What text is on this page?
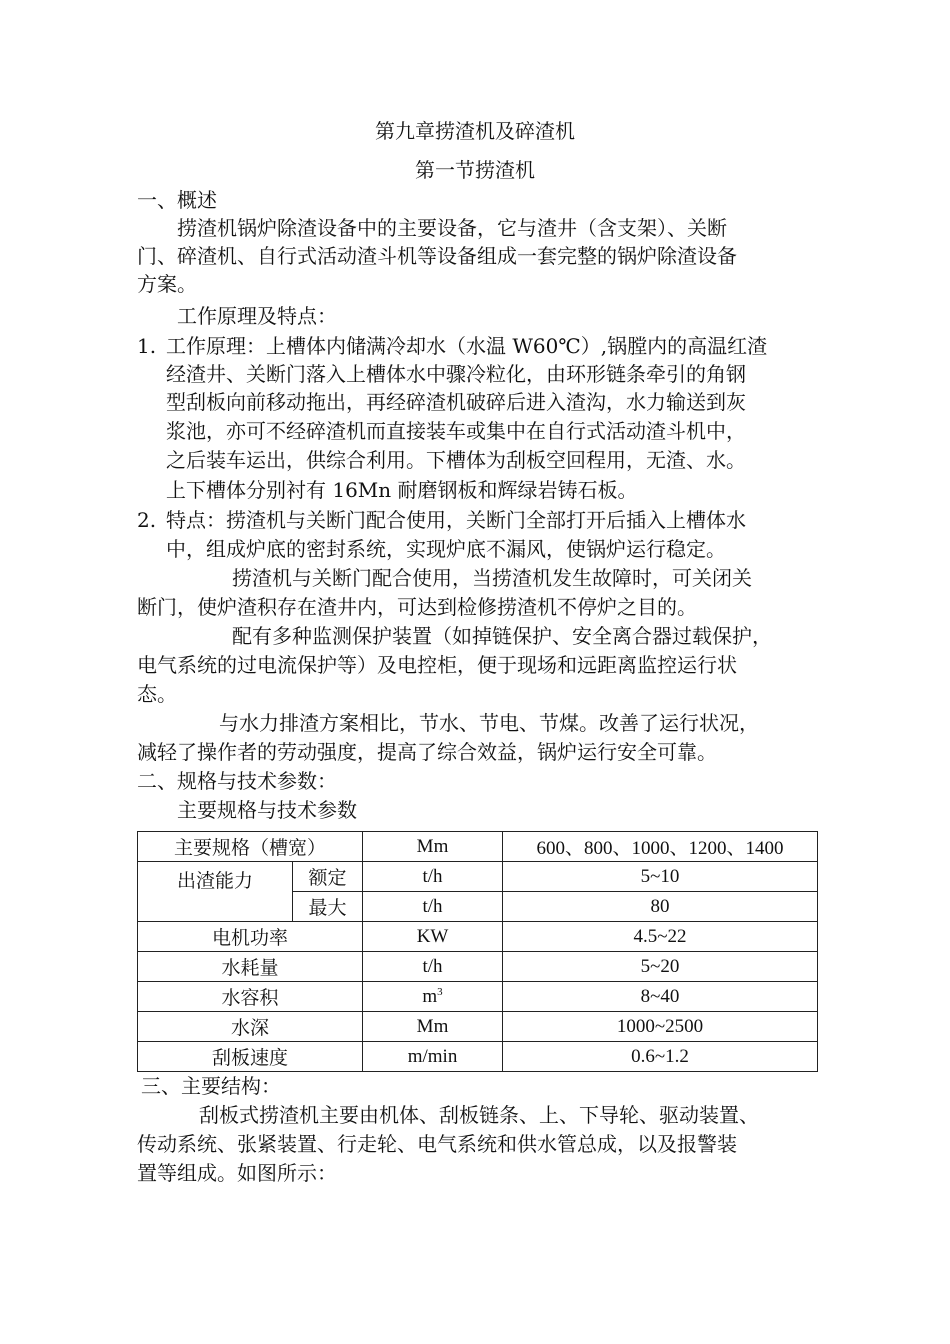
第九章捞渣机及碎渣机
第一节捞渣机
一、概述
捞渣机锅炉除渣设备中的主要设备，它与渣井（含支架）、关断
门、碎渣机、自行式活动渣斗机等设备组成一套完整的锅炉除渣设备
方案。
工作原理及特点：
1. 工作原理：上槽体内储满冷却水（水温 W60℃）,锅膛内的高温红渣
经渣井、关断门落入上槽体水中骤冷粒化，由环形链条牵引的角钢
型刮板向前移动拖出，再经碎渣机破碎后进入渣沟，水力输送到灰
浆池，亦可不经碎渣机而直接装车或集中在自行式活动渣斗机中，
之后装车运出，供综合利用。下槽体为刮板空回程用，无渣、水。
上下槽体分别衬有 16Mn 耐磨钢板和辉绿岩铸石板。
2. 特点：捞渣机与关断门配合使用，关断门全部打开后插入上槽体水
中，组成炉底的密封系统，实现炉底不漏风，使锅炉运行稳定。
捞渣机与关断门配合使用，当捞渣机发生故障时，可关闭关
断门，使炉渣积存在渣井内，可达到检修捞渣机不停炉之目的。
配有多种监测保护装置（如掉链保护、安全离合器过载保护，
电气系统的过电流保护等）及电控柜，便于现场和远距离监控运行状
态。
与水力排渣方案相比，节水、节电、节煤。改善了运行状况，
减轻了操作者的劳动强度，提高了综合效益，锅炉运行安全可靠。
二、规格与技术参数：
主要规格与技术参数
主要规格（槽宽）		Mm	600、800、1000、1200、1400
出渣能力	额定	t/h	5~10
	最大	t/h	80
电机功率		KW	4.5~22
水耗量		t/h	5~20
水容积		$m^3$	8~40
水深		Mm	1000~2500
刮板速度		m/min	0.6~1.2
三、主要结构：
刮板式捞渣机主要由机体、刮板链条、上、下导轮、驱动装置、
传动系统、张紧装置、行走轮、电气系统和供水管总成，以及报警装
置等组成。如图所示：
